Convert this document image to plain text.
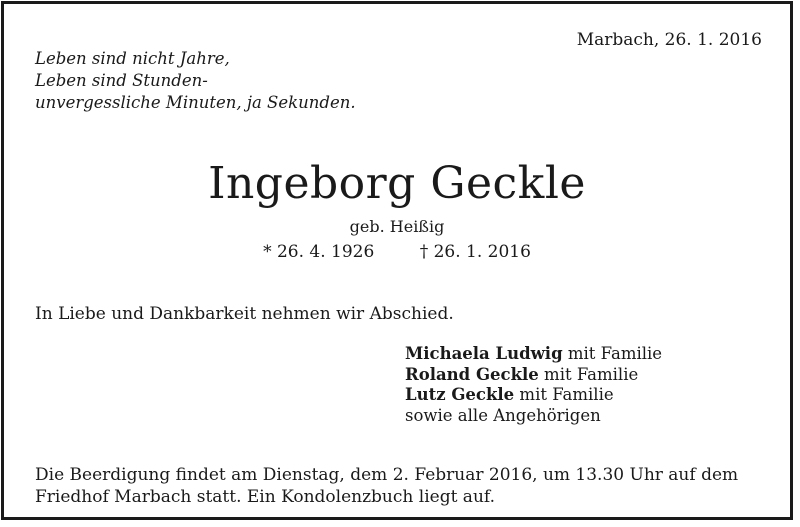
Marbach, 26. 1. 2016
Leben sind nicht Jahre,
Leben sind Stunden-
unvergessliche Minuten, ja Sekunden.
Ingeborg Geckle
geb. Heißig
* 26. 4. 1926	† 26. 1. 2016
In Liebe und Dankbarkeit nehmen wir Abschied.
Michaela Ludwig mit Familie
Roland Geckle mit Familie
Lutz Geckle mit Familie
sowie alle Angehörigen
Die Beerdigung findet am Dienstag, dem 2. Februar 2016, um 13.30 Uhr auf dem
Friedhof Marbach statt. Ein Kondolenzbuch liegt auf.
